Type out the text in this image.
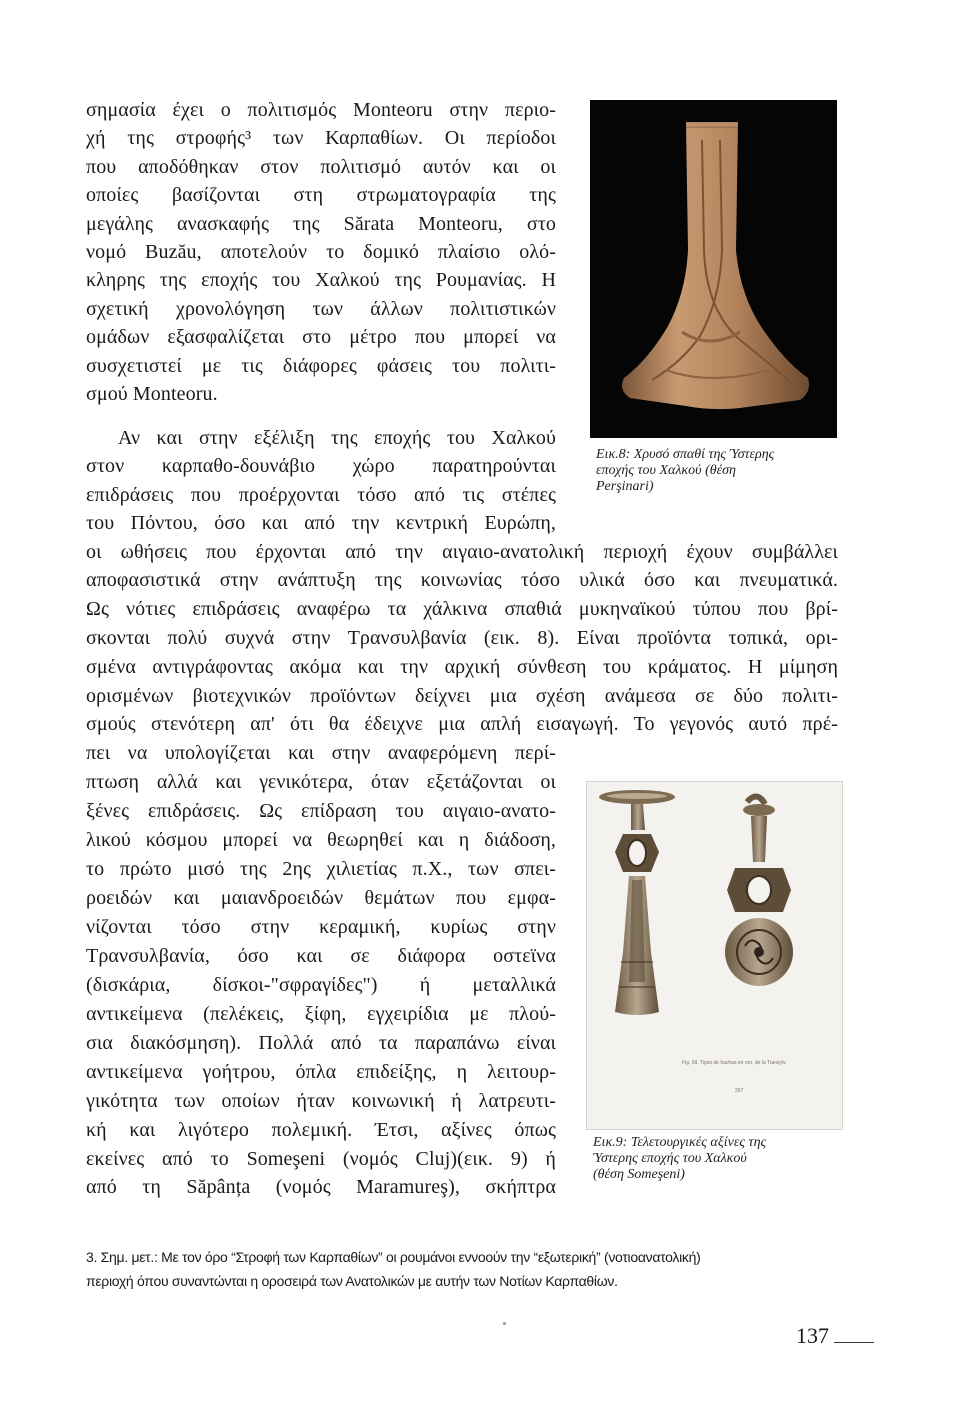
σημασία έχει ο πολιτισμός Monteoru στην περιο-
χή της στροφής³ των Καρπαθίων. Οι περίοδοι
που αποδόθηκαν στον πολιτισμό αυτόν και οι
οποίες βασίζονται στη στρωματογραφία της
μεγάλης ανασκαφής της Sărata Monteoru, στο
νομό Buzău, αποτελούν το δομικό πλαίσιο ολό-
κληρης της εποχής του Χαλκού της Ρουμανίας. Η
σχετική χρονολόγηση των άλλων πολιτιστικών
ομάδων εξασφαλίζεται στο μέτρο που μπορεί να
συσχετιστεί με τις διάφορες φάσεις του πολιτι-
σμού Monteoru.
Αν και στην εξέλιξη της εποχής του Χαλκού
στον καρπαθο-δουνάβιο χώρο παρατηρούνται
επιδράσεις που προέρχονται τόσο από τις στέπες
του Πόντου, όσο και από την κεντρική Ευρώπη,
οι ωθήσεις που έρχονται από την αιγαιο-ανατολική περιοχή έχουν συμβάλλει
αποφασιστικά στην ανάπτυξη της κοινωνίας τόσο υλικά όσο και πνευματικά.
Ως νότιες επιδράσεις αναφέρω τα χάλκινα σπαθιά μυκηναϊκού τύπου που βρί-
σκονται πολύ συχνά στην Τρανσυλβανία (εικ. 8). Είναι προϊόντα τοπικά, ορι-
σμένα αντιγράφοντας ακόμα και την αρχική σύνθεση του κράματος. Η μίμηση
ορισμένων βιοτεχνικών προϊόντων δείχνει μια σχέση ανάμεσα σε δύο πολιτι-
σμούς στενότερη απ' ότι θα έδειχνε μια απλή εισαγωγή. Το γεγονός αυτό πρέ-
πει να υπολογίζεται και στην αναφερόμενη περί-
πτωση αλλά και γενικότερα, όταν εξετάζονται οι
ξένες επιδράσεις. Ως επίδραση του αιγαιο-ανατο-
λικού κόσμου μπορεί να θεωρηθεί και η διάδοση,
το πρώτο μισό της 2ης χιλιετίας π.Χ., των σπει-
ροειδών και μαιανδροειδών θεμάτων που εμφα-
νίζονται τόσο στην κεραμική, κυρίως στην
Τρανσυλβανία, όσο και σε διάφορα οστεϊνα
(δισκάρια, δίσκοι-"σφραγίδες") ή μεταλλικά
αντικείμενα (πελέκεις, ξίφη, εγχειρίδια με πλού-
σια διακόσμηση). Πολλά από τα παραπάνω είναι
αντικείμενα γοήτρου, όπλα επιδείξης, η λειτουρ-
γικότητα των οποίων ήταν κοινωνική ή λατρευτι-
κή και λιγότερο πολεμική. Έτσι, αξίνες όπως
εκείνες από το Someşeni (νομός Cluj)(εικ. 9) ή
από τη Săpânța (νομός Maramureş), σκήπτρα
Εικ.8: Χρυσό σπαθί της Ύστερης
εποχής του Χαλκού (θέση
Perşinari)
Fig. 99. Tipos de hachas en oro, de la Transylv.
367
Εικ.9: Τελετουργικές αξίνες της
Ύστερης εποχής του Χαλκού
(θέση Someşeni)
3. Σημ. μετ.: Με τον όρο “Στροφή των Καρπαθίων” οι ρουμάνοι εννοούν την “εξωτερική” (νοτιοανατολική)
περιοχή όπου συναντώνται η οροσειρά των Ανατολικών με αυτήν των Νοτίων Καρπαθίων.
137
